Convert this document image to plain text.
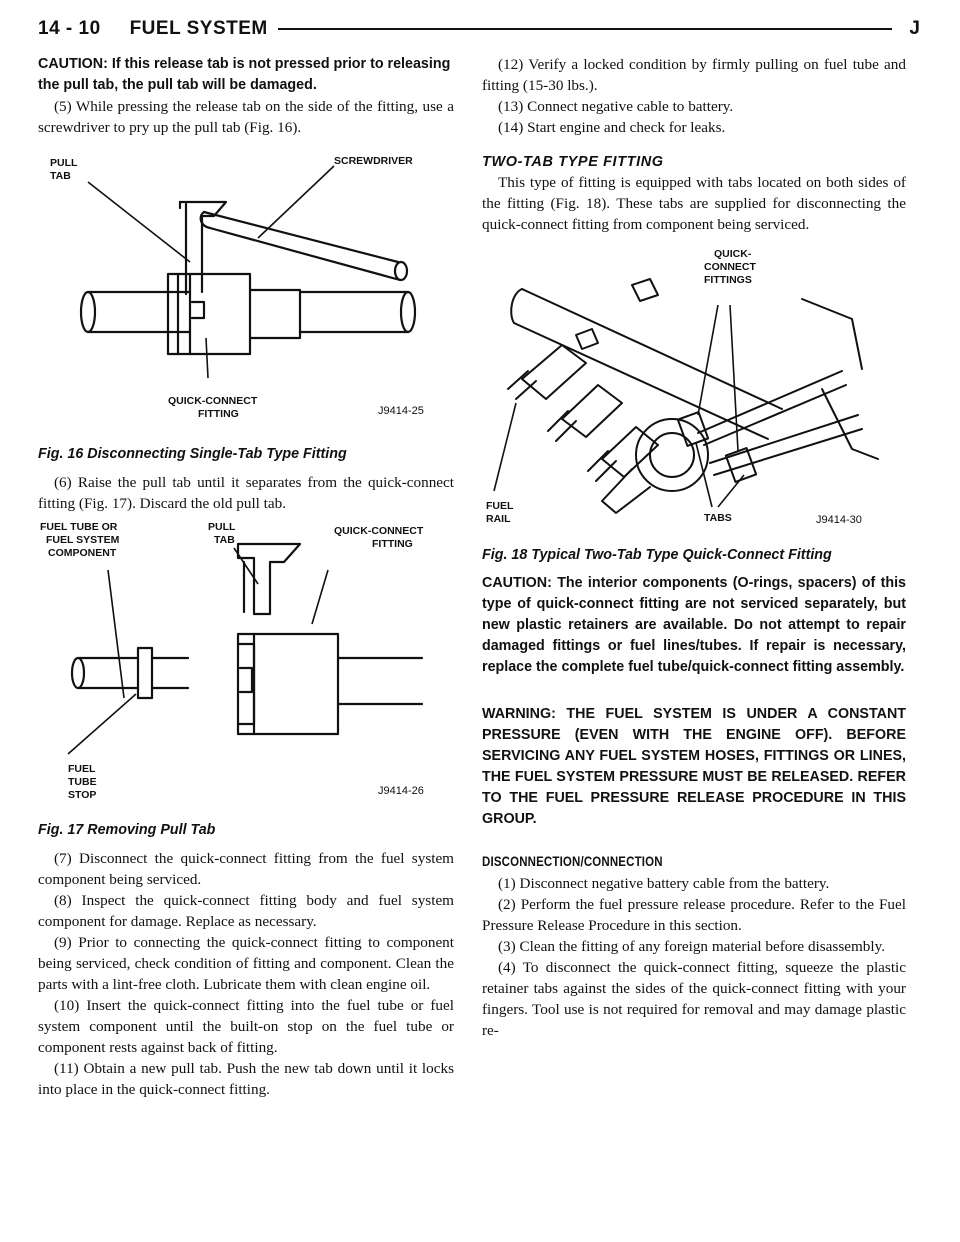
14 - 10 FUEL SYSTEM	J

CAUTION: If this release tab is not pressed prior to releasing the pull tab, the pull tab will be damaged.

(5) While pressing the release tab on the side of the fitting, use a screwdriver to pry up the pull tab (Fig. 16).

PULL
TAB
SCREWDRIVER
QUICK-CONNECT
FITTING	J9414-25
Fig. 16 Disconnecting Single-Tab Type Fitting

(6) Raise the pull tab until it separates from the quick-connect fitting (Fig. 17). Discard the old pull tab.

FUEL TUBE OR
FUEL SYSTEM
COMPONENT
PULL
TAB
QUICK-CONNECT
FITTING
FUEL
TUBE
STOP	J9414-26
Fig. 17 Removing Pull Tab

(7) Disconnect the quick-connect fitting from the fuel system component being serviced.

(8) Inspect the quick-connect fitting body and fuel system component for damage. Replace as necessary.

(9) Prior to connecting the quick-connect fitting to component being serviced, check condition of fitting and component. Clean the parts with a lint-free cloth. Lubricate them with clean engine oil.

(10) Insert the quick-connect fitting into the fuel tube or fuel system component until the built-on stop on the fuel tube or component rests against back of fitting.

(11) Obtain a new pull tab. Push the new tab down until it locks into place in the quick-connect fitting.

(12) Verify a locked condition by firmly pulling on fuel tube and fitting (15-30 lbs.).

(13) Connect negative cable to battery.

(14) Start engine and check for leaks.

TWO-TAB TYPE FITTING

This type of fitting is equipped with tabs located on both sides of the fitting (Fig. 18). These tabs are supplied for disconnecting the quick-connect fitting from component being serviced.

QUICK-
CONNECT
FITTINGS
TABS
FUEL
RAIL	J9414-30
Fig. 18 Typical Two-Tab Type Quick-Connect Fitting

CAUTION: The interior components (O-rings, spacers) of this type of quick-connect fitting are not serviced separately, but new plastic retainers are available. Do not attempt to repair damaged fittings or fuel lines/tubes. If repair is necessary, replace the complete fuel tube/quick-connect fitting assembly.

WARNING: THE FUEL SYSTEM IS UNDER A CONSTANT PRESSURE (EVEN WITH THE ENGINE OFF). BEFORE SERVICING ANY FUEL SYSTEM HOSES, FITTINGS OR LINES, THE FUEL SYSTEM PRESSURE MUST BE RELEASED. REFER TO THE FUEL PRESSURE RELEASE PROCEDURE IN THIS GROUP.

DISCONNECTION/CONNECTION

(1) Disconnect negative battery cable from the battery.

(2) Perform the fuel pressure release procedure. Refer to the Fuel Pressure Release Procedure in this section.

(3) Clean the fitting of any foreign material before disassembly.

(4) To disconnect the quick-connect fitting, squeeze the plastic retainer tabs against the sides of the quick-connect fitting with your fingers. Tool use is not required for removal and may damage plastic re-
